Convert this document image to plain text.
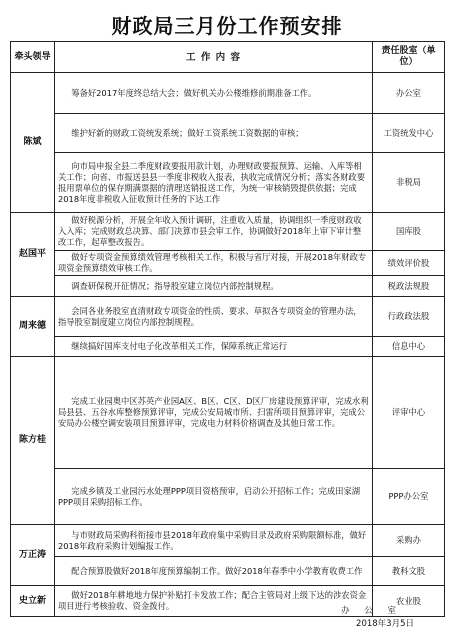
财政局三月份工作预安排
牵头领导	工 作 内 容	责任股室（单位）
陈斌	筹备好2017年度终总结大会；做好机关办公楼维修前期准备工作。	办公室
	维护好新的财政工资统发系统；做好工资系统工资数据的审核；	工资统发中心
	向市局申报全县二季度财政要报用款计划，办理财政要报预算、运输、入库等相关工作；向省、市报送县县一季度非税收入报表，执收完成情况分析；落实各财政要报用票单位的保存期满票据的清理送销报送工作，为统一审核销毁提供依据；完成2018年度非税收入征收预计任务的下达工作	非税局
赵国平	做好税源分析，开展全年收入预计调研，注重收入质量，协调组织一季度财政收入入库；完成财政总决算、部门决算市县会审工作，协调做好2018年上审下审计整改工作，起草整改报告。	国库股
	做好专项资金预算绩效管理考核相关工作，积极与省厅对接，开展2018年财政专项资金预算绩效审核工作。	绩效评价股
	调查研保税开征情况；指导股室建立岗位内部控制规程。	税政法规股
周来德	会同各业务股室直清财政专项资金的性质、要求、草拟各专项资金的管理办法，指导股室制度建立岗位内部控制规程。	行政政法股
	继续搞好国库支付电子化改革相关工作，保障系统正常运行	信息中心
陈方桂	完成工业园奥中区苏英产业园A区、B区、C区、D区厂房建设预算评审，完成水利局县县、五谷水库整修预算评审，完成公安局城市所、扫雷所项目预算评审，完成公安局办公楼空调安装项目预算评审，完成电力材料价格调查及其他日常工作。	评审中心
	完成乡镇及工业园污水处理PPP项目资格预审，启动公开招标工作；完成田家湖PPP项目采购招标工作。	PPP办公室
万正涛	与市财政局采购科衔接市县2018年政府集中采购目录及政府采购限额标准，做好2018年政府采购计划编报工作。	采购办
	配合预算股做好2018年度预算编制工作。做好2018年春季中小学教育收费工作	教科文股
史立新	做好2018年耕地地力保护补贴打卡发放工作；配合主管局对上级下达的涉农资金项目进行考核验收、资金拨付。	农业股
办 公 室
2018年3月5日
